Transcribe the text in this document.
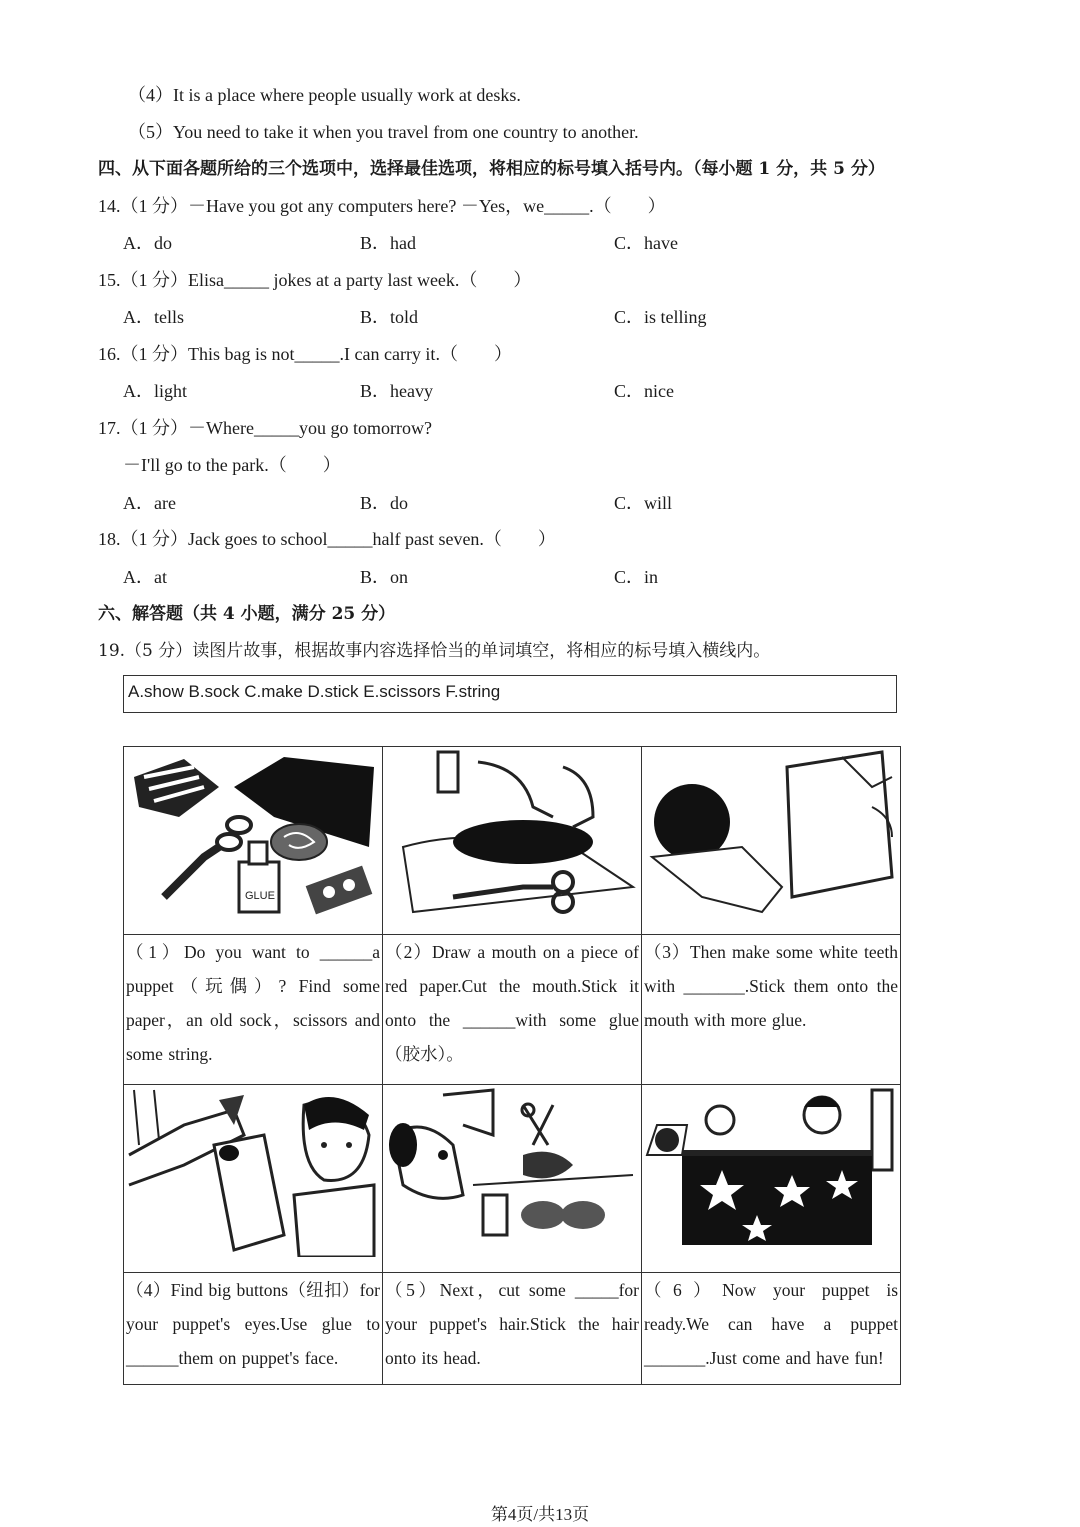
（4）It is a place where people usually work at desks.
（5）You need to take it when you travel from one country to another.
四、从下面各题所给的三个选项中，选择最佳选项，将相应的标号填入括号内。（每小题 1 分，共 5 分）
14.（1 分）－Have you got any computers here? －Yes，we_____.（　　）
A．do	B．had	C．have
15.（1 分）Elisa_____ jokes at a party last week.（　　）
A．tells	B．told	C．is telling
16.（1 分）This bag is not_____.I can carry it.（　　）
A．light	B．heavy	C．nice
17.（1 分）－Where_____you go tomorrow?
－I'll go to the park.（　　）
A．are	B．do	C．will
18.（1 分）Jack goes to school_____half past seven.（　　）
A．at	B．on	C．in
六、解答题（共 4 小题，满分 25 分）
19.（5 分）读图片故事，根据故事内容选择恰当的单词填空，将相应的标号填入横线内。
A.show B.sock C.make D.stick E.scissors F.string
GLUE

（1）Do you want to ______a puppet（玩偶）? Find some paper，an old sock，scissors and some string.	（2）Draw a mouth on a piece of red paper.Cut the mouth.Stick it onto the ______with some glue（胶水）。	（3）Then make some white teeth with _______.Stick them onto the mouth with more glue.

（4）Find big buttons（纽扣）for your puppet's eyes.Use glue to ______them on puppet's face.	（5）Next，cut some _____for your puppet's hair.Stick the hair onto its head.	（6）Now your puppet is ready.We can have a puppet _______.Just come and have fun!
第4页/共13页
